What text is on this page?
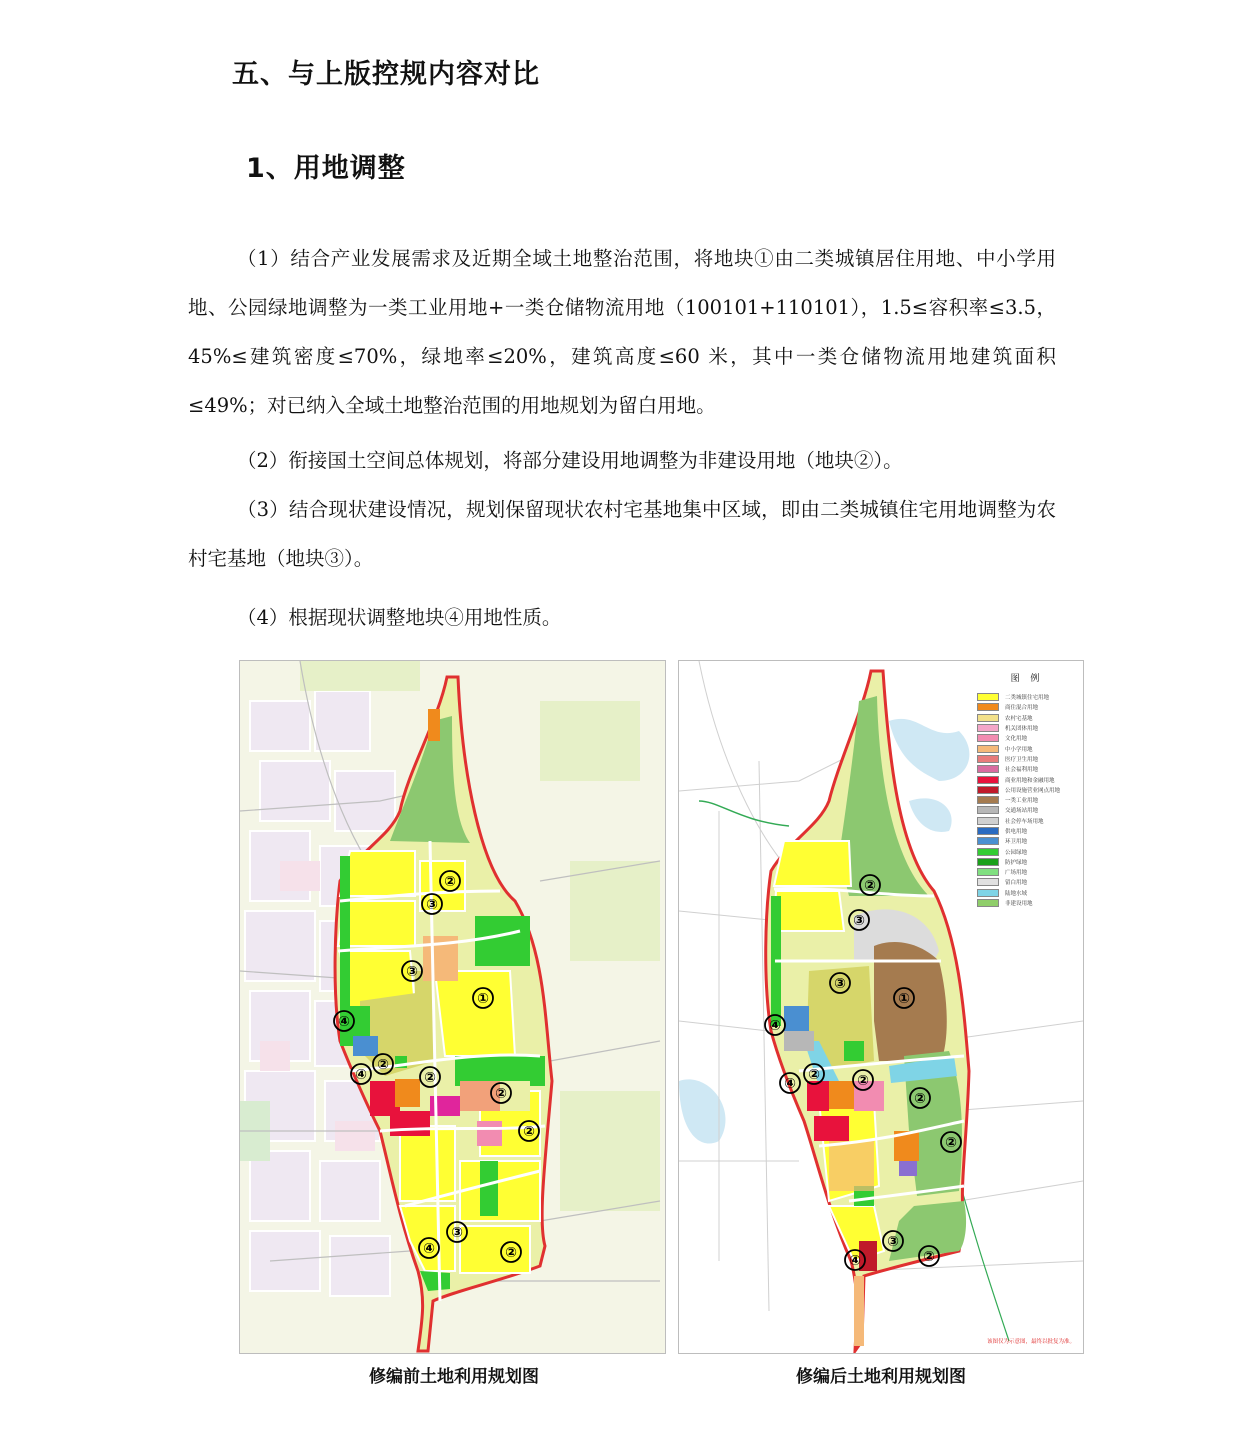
五、与上版控规内容对比
1、用地调整

（1）结合产业发展需求及近期全域土地整治范围，将地块①由二类城镇居住用地、中小学用地、公园绿地调整为一类工业用地+一类仓储物流用地（100101+110101），1.5≤容积率≤3.5，45%≤建筑密度≤70%，绿地率≤20%，建筑高度≤60 米，其中一类仓储物流用地建筑面积≤49%；对已纳入全域土地整治范围的用地规划为留白用地。

（2）衔接国土空间总体规划，将部分建设用地调整为非建设用地（地块②）。

（3）结合现状建设情况，规划保留现状农村宅基地集中区域，即由二类城镇住宅用地调整为农村宅基地（地块③）。

（4）根据现状调整地块④用地性质。

②
③
③
①
④
④
②
②
②
②
③
④	②
图 例
二类城镇住宅用地
商住混合用地
农村宅基地
机关团体用地
文化用地
中小学用地
医疗卫生用地
社会福利用地
商业用地和金融用地
公用设施营业网点用地
一类工业用地
交通场站用地
社会停车场用地
供电用地
环卫用地
公园绿地
防护绿地
广场用地
留白用地
陆地水域
非建设用地
该图仅为示意图，最终以批复为准。
②
③
③
①
④
④
②	②
②
②
③
④	②
修编前土地利用规划图	修编后土地利用规划图
